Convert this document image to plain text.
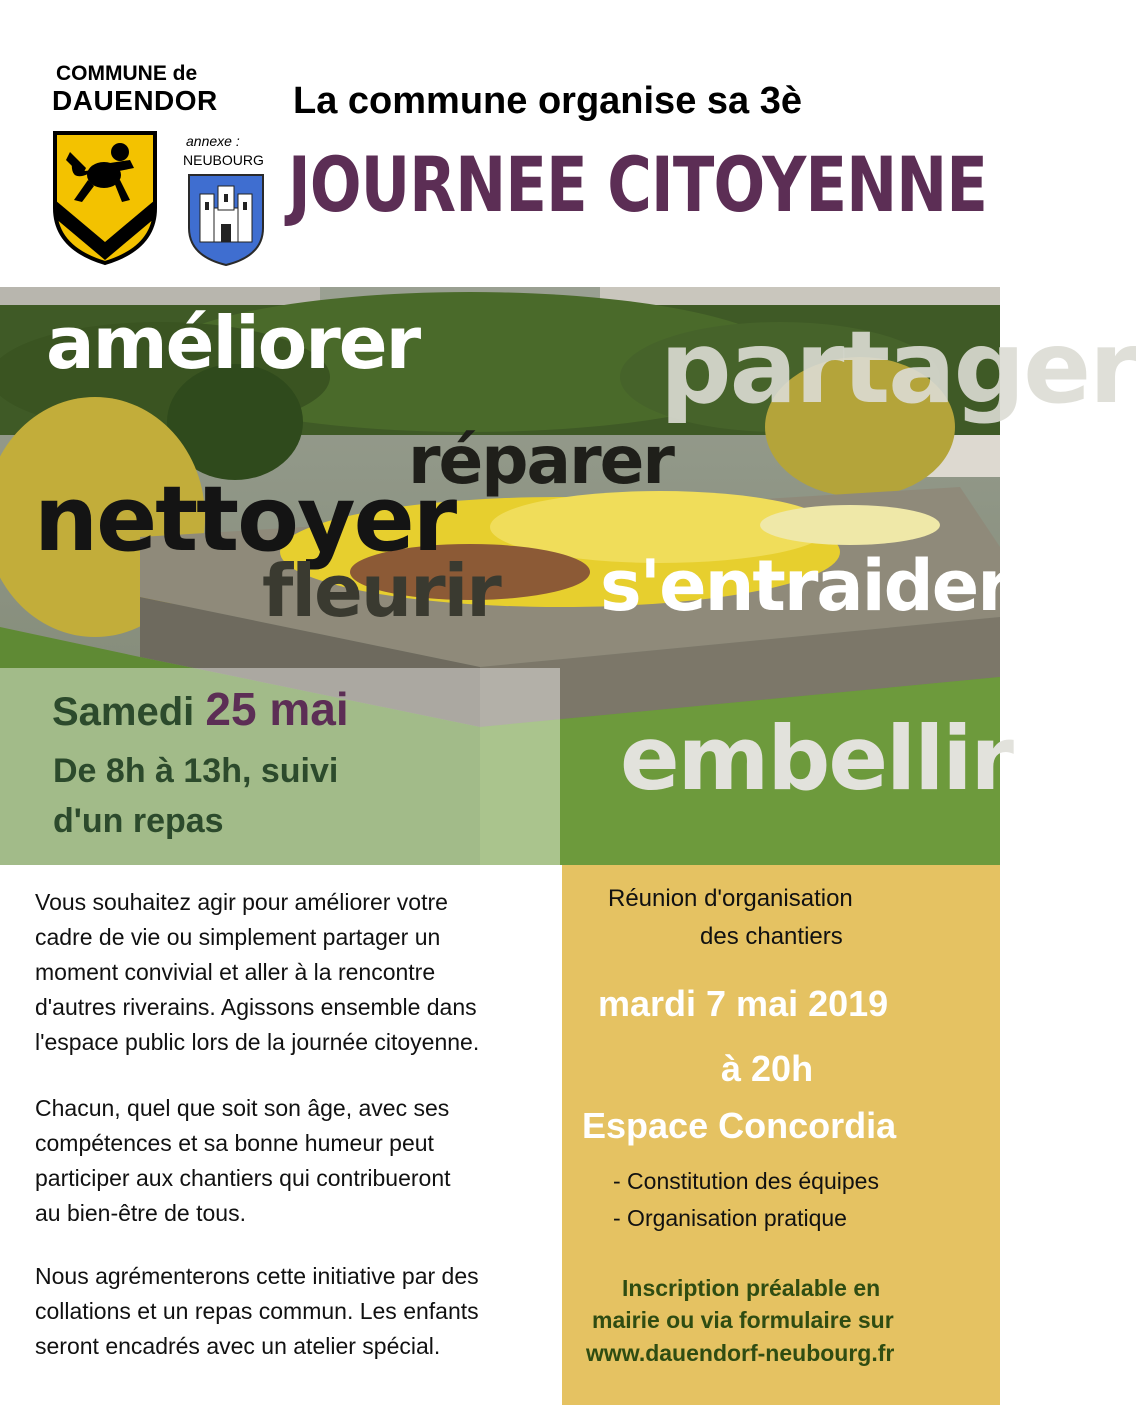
COMMUNE de
DAUENDOR La commune organise sa 3è
annexe :
NEUBOURG JOURNEE CITOYENNE
améliorer partager
réparer
nettoyer
fleurir s'entraider
embellir
Samedi 25 mai
De 8h à 13h, suivi
d'un repas
Vous souhaitez agir pour améliorer votre
cadre de vie ou simplement partager un
moment convivial et aller à la rencontre
d'autres riverains. Agissons ensemble dans
l'espace public lors de la journée citoyenne.
Chacun, quel que soit son âge, avec ses
compétences et sa bonne humeur peut
participer aux chantiers qui contribueront
au bien-être de tous.
Nous agrémenterons cette initiative par des
collations et un repas commun. Les enfants
seront encadrés avec un atelier spécial.
Réunion d'organisation
des chantiers
mardi 7 mai 2019
à 20h
Espace Concordia
- Constitution des équipes
- Organisation pratique
Inscription préalable en
mairie ou via formulaire sur
www.dauendorf-neubourg.fr
